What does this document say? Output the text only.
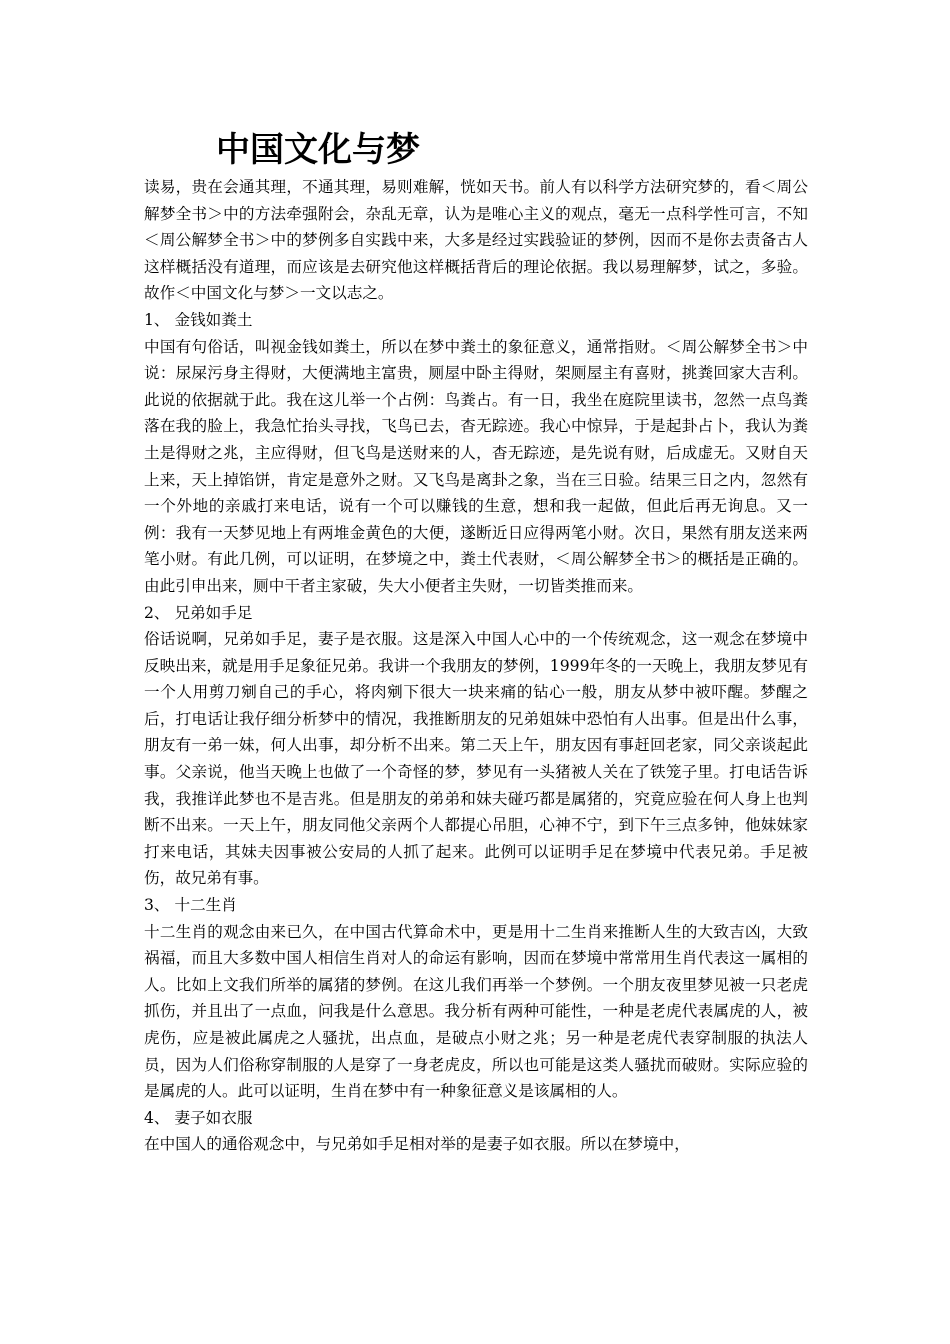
中国文化与梦

读易，贵在会通其理，不通其理，易则难解，恍如天书。前人有以科学方法研究梦的，看＜周公解梦全书＞中的方法牵强附会，杂乱无章，认为是唯心主义的观点，毫无一点科学性可言，不知＜周公解梦全书＞中的梦例多自实践中来，大多是经过实践验证的梦例，因而不是你去责备古人这样概括没有道理，而应该是去研究他这样概括背后的理论依据。我以易理解梦，试之，多验。故作＜中国文化与梦＞一文以志之。

1、 金钱如粪土

中国有句俗话，叫视金钱如粪土，所以在梦中粪土的象征意义，通常指财。＜周公解梦全书＞中说：尿屎污身主得财，大便满地主富贵，厕屋中卧主得财，架厕屋主有喜财，挑粪回家大吉利。此说的依据就于此。我在这儿举一个占例：鸟粪占。有一日，我坐在庭院里读书，忽然一点鸟粪落在我的脸上，我急忙抬头寻找，飞鸟已去，杳无踪迹。我心中惊异，于是起卦占卜，我认为粪土是得财之兆，主应得财，但飞鸟是送财来的人，杳无踪迹，是先说有财，后成虚无。又财自天上来，天上掉馅饼，肯定是意外之财。又飞鸟是离卦之象，当在三日验。结果三日之内，忽然有一个外地的亲戚打来电话，说有一个可以赚钱的生意，想和我一起做，但此后再无询息。又一例：我有一天梦见地上有两堆金黄色的大便，遂断近日应得两笔小财。次日，果然有朋友送来两笔小财。有此几例，可以证明，在梦境之中，粪土代表财，＜周公解梦全书＞的概括是正确的。由此引申出来，厕中干者主家破，失大小便者主失财，一切皆类推而来。

2、 兄弟如手足

俗话说啊，兄弟如手足，妻子是衣服。这是深入中国人心中的一个传统观念，这一观念在梦境中反映出来，就是用手足象征兄弟。我讲一个我朋友的梦例，1999年冬的一天晚上，我朋友梦见有一个人用剪刀剜自己的手心，将肉剜下很大一块来痛的钻心一般，朋友从梦中被吓醒。梦醒之后，打电话让我仔细分析梦中的情况，我推断朋友的兄弟姐妹中恐怕有人出事。但是出什么事，朋友有一弟一妹，何人出事，却分析不出来。第二天上午，朋友因有事赶回老家，同父亲谈起此事。父亲说，他当天晚上也做了一个奇怪的梦，梦见有一头猪被人关在了铁笼子里。打电话告诉我，我推详此梦也不是吉兆。但是朋友的弟弟和妹夫碰巧都是属猪的，究竟应验在何人身上也判断不出来。一天上午，朋友同他父亲两个人都提心吊胆，心神不宁，到下午三点多钟，他妹妹家打来电话，其妹夫因事被公安局的人抓了起来。此例可以证明手足在梦境中代表兄弟。手足被伤，故兄弟有事。

3、 十二生肖

十二生肖的观念由来已久，在中国古代算命术中，更是用十二生肖来推断人生的大致吉凶，大致祸福，而且大多数中国人相信生肖对人的命运有影响，因而在梦境中常常用生肖代表这一属相的人。比如上文我们所举的属猪的梦例。在这儿我们再举一个梦例。一个朋友夜里梦见被一只老虎抓伤，并且出了一点血，问我是什么意思。我分析有两种可能性，一种是老虎代表属虎的人，被虎伤，应是被此属虎之人骚扰，出点血，是破点小财之兆；另一种是老虎代表穿制服的执法人员，因为人们俗称穿制服的人是穿了一身老虎皮，所以也可能是这类人骚扰而破财。实际应验的是属虎的人。此可以证明，生肖在梦中有一种象征意义是该属相的人。

4、 妻子如衣服

在中国人的通俗观念中，与兄弟如手足相对举的是妻子如衣服。所以在梦境中，
